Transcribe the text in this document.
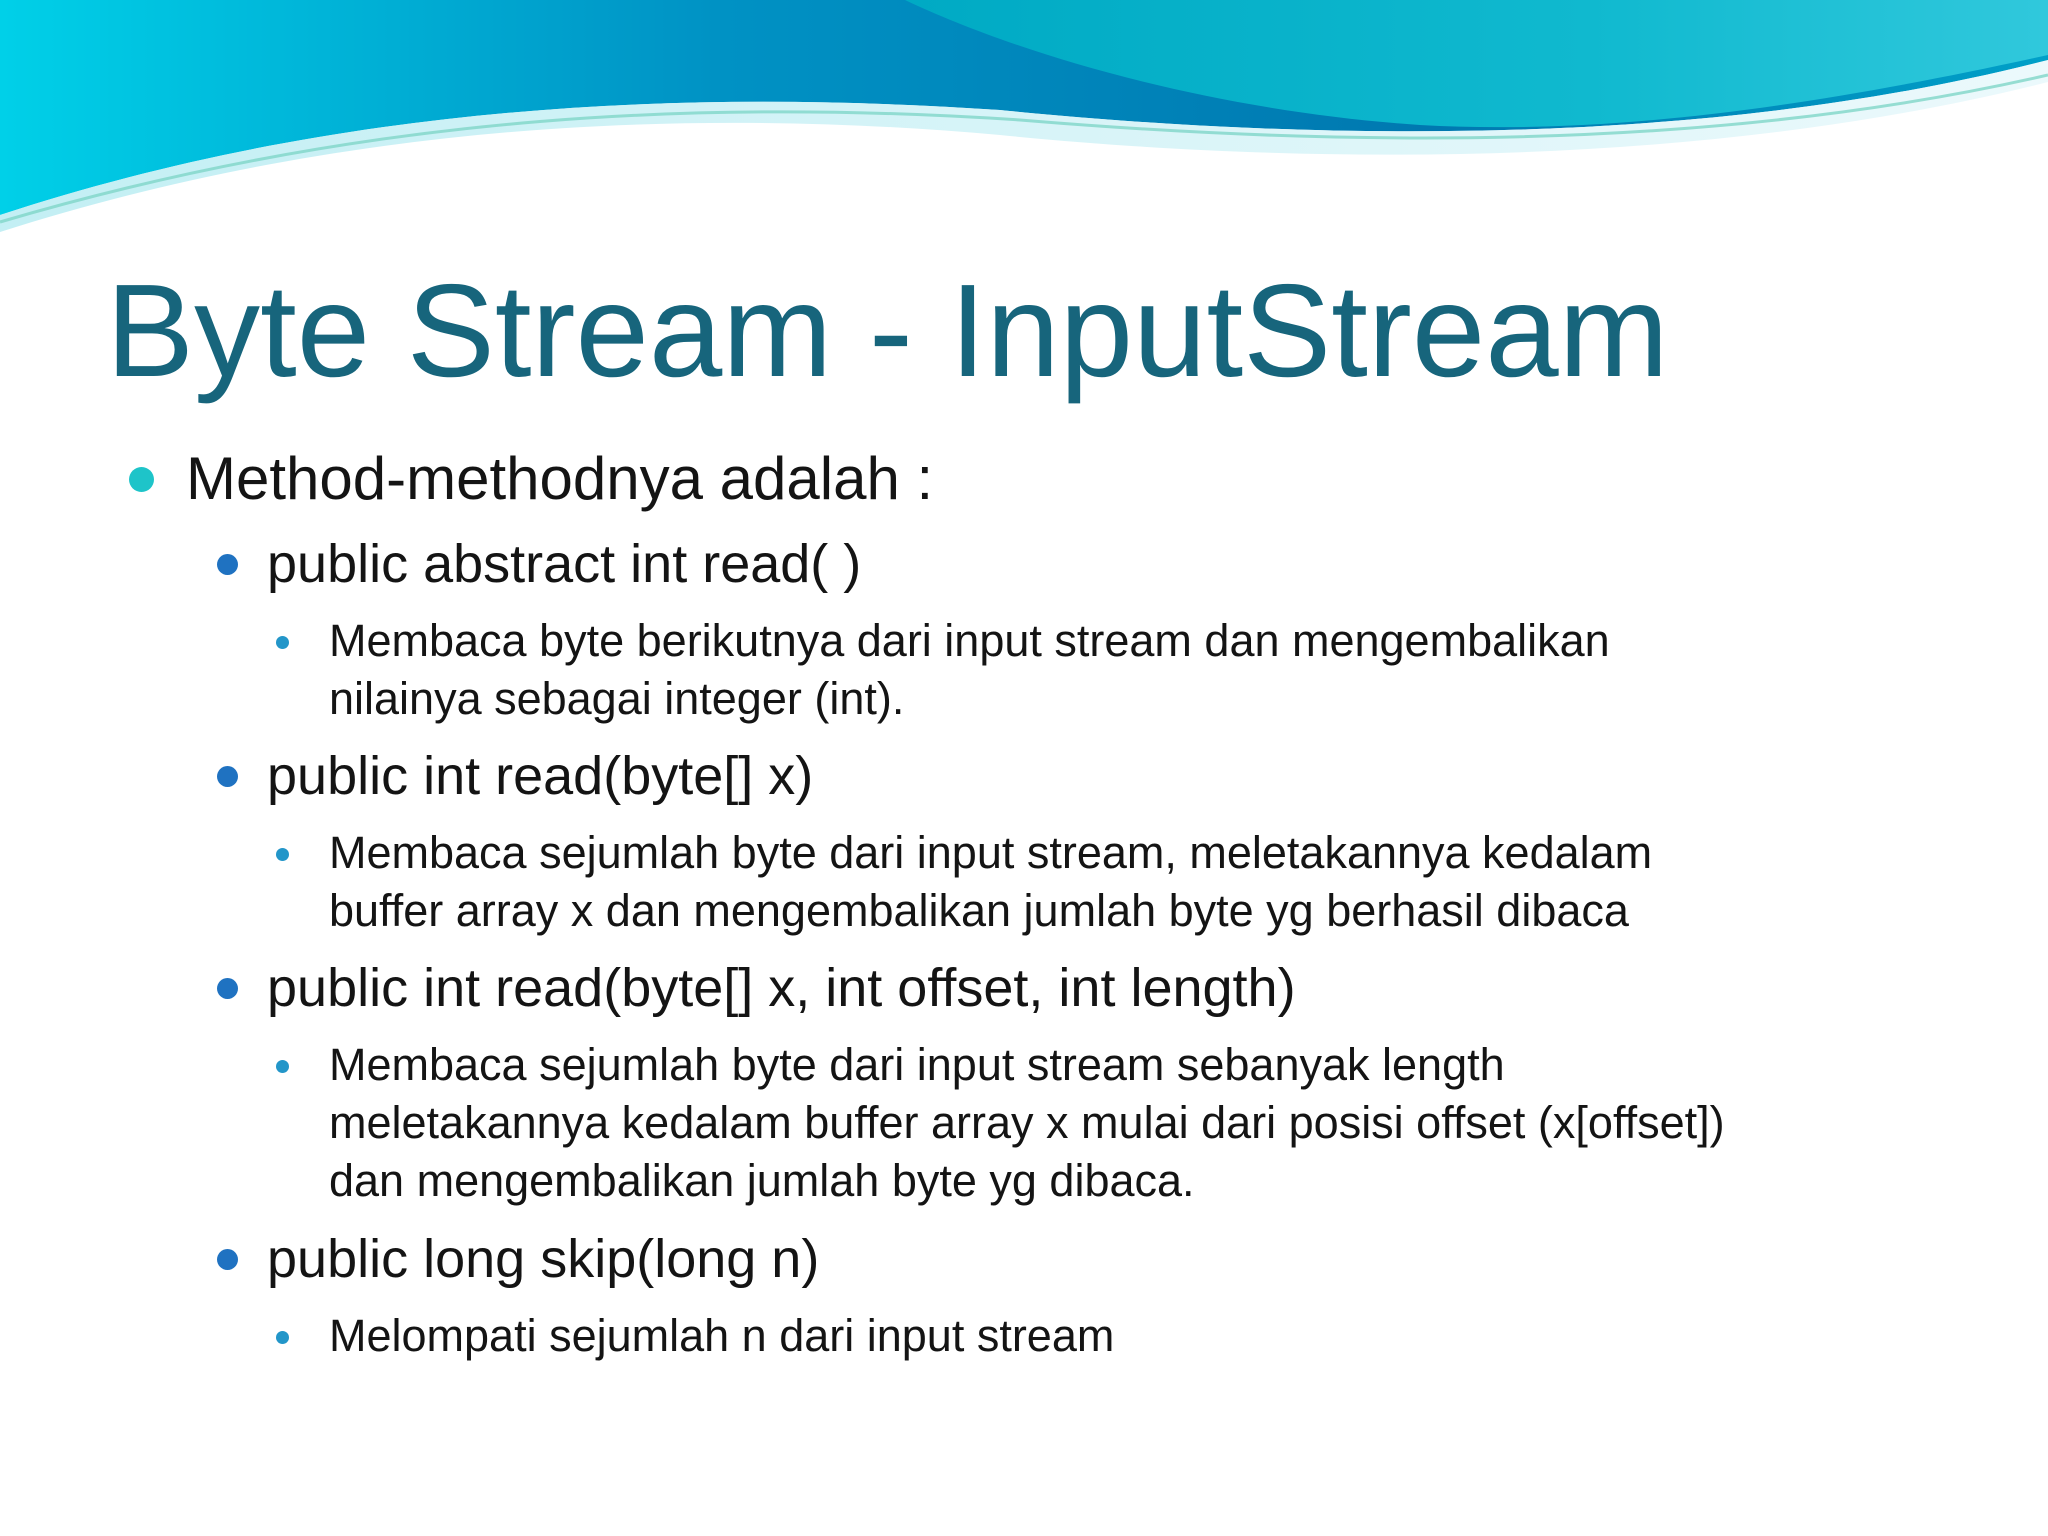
Byte Stream - InputStream
Method-methodnya adalah :
public abstract int read( )
Membaca byte berikutnya dari input stream dan mengembalikan
nilainya sebagai integer (int).
public int read(byte[] x)
Membaca sejumlah byte dari input stream, meletakannya kedalam
buffer array x dan mengembalikan jumlah byte yg berhasil dibaca
public int read(byte[] x, int offset, int length)
Membaca sejumlah byte dari input stream sebanyak length
meletakannya kedalam buffer array x mulai dari posisi offset (x[offset])
dan mengembalikan jumlah byte yg dibaca.
public long skip(long n)
Melompati sejumlah n dari input stream
